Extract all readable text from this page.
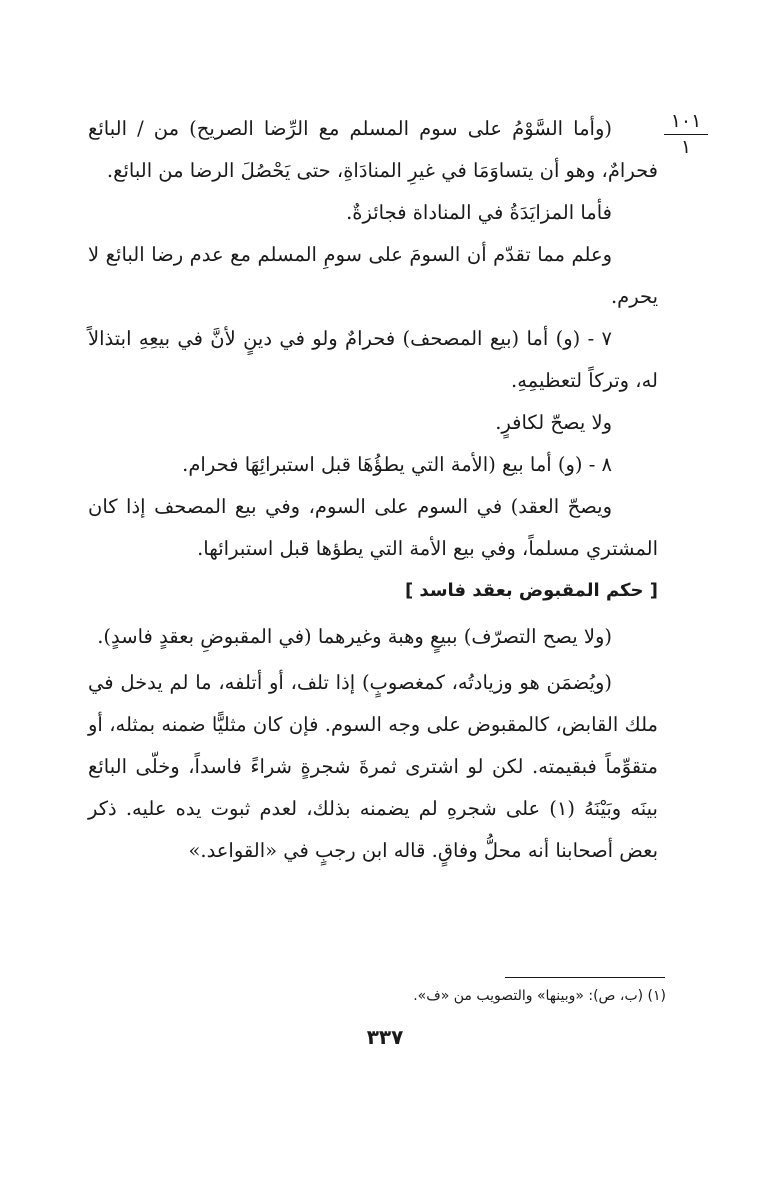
١٠١
١

(وأما السَّوْمُ على سوم المسلم مع الرِّضا الصريح) من / البائع فحرامٌ، وهو أن يتساوَمَا في غيرِ المنادَاةِ، حتى يَحْصُلَ الرضا من البائع.

فأما المزايَدَةُ في المناداة فجائزةٌ.

وعلم مما تقدّم أن السومَ على سومِ المسلم مع عدم رضا البائع لا يحرم.

٧ - (و) أما (بيع المصحف) فحرامٌ ولو في دينٍ لأنَّ في بيعِهِ ابتذالاً له، وتركاً لتعظيمِهِ.

ولا يصحّ لكافرٍ.

٨ - (و) أما بيع (الأمة التي يطؤُهَا قبل استبرائِهَا فحرام.

ويصحّ العقد) في السوم على السوم، وفي بيع المصحف إذا كان المشتري مسلماً، وفي بيع الأمة التي يطؤها قبل استبرائها.

[ حكم المقبوض بعقد فاسد ]

(ولا يصح التصرّف) ببيعٍ وهبة وغيرهما (في المقبوضِ بعقدٍ فاسدٍ).

(ويُضمَن هو وزيادتُه، كمغصوبٍ) إذا تلف، أو أتلفه، ما لم يدخل في ملك القابض، كالمقبوض على وجه السوم. فإن كان مثليًّا ضمنه بمثله، أو متقوِّماً فبقيمته. لكن لو اشترى ثمرةَ شجرةٍ شراءً فاسداً، وخلّى البائع بينَه وبَيْنَهُ (١) على شجرهِ لم يضمنه بذلك، لعدم ثبوت يده عليه. ذكر بعض أصحابنا أنه محلُّ وفاقٍ. قاله ابن رجبٍ في «القواعد.»

(١) (ب، ص): «وبينها» والتصويب من «ف».
٣٣٧
